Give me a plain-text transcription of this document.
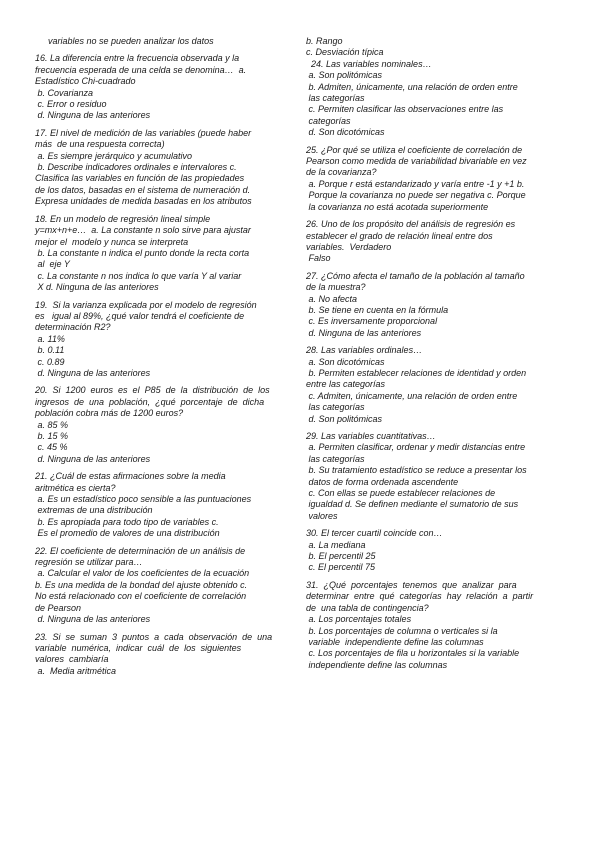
variables no se pueden analizar los datos
16. La diferencia entre la frecuencia observada y la
frecuencia esperada de una celda se denomina…  a.
Estadístico Chi-cuadrado
b. Covarianza
c. Error o residuo
d. Ninguna de las anteriores
17. El nivel de medición de las variables (puede haber
más  de una respuesta correcta)
a. Es siempre jerárquico y acumulativo
b. Describe indicadores ordinales e intervalores c.
Clasifica las variables en función de las propiedades
de los datos, basadas en el sistema de numeración d.
Expresa unidades de medida basadas en los atributos
18. En un modelo de regresión lineal simple
y=mx+n+e…  a. La constante n solo sirve para ajustar
mejor el  modelo y nunca se interpreta
b. La constante n indica el punto donde la recta corta
al  eje Y
c. La constante n nos indica lo que varía Y al variar
X d. Ninguna de las anteriores
19.  Si la varianza explicada por el modelo de regresión
es   igual al 89%, ¿qué valor tendrá el coeficiente de
determinación R2?
a. 11%
b. 0.11
c. 0.89
d. Ninguna de las anteriores
20.  Si  1200  euros  es  el  P85  de  la  distribución  de  los
ingresos  de  una  población,  ¿qué  porcentaje  de  dicha
población cobra más de 1200 euros?
a. 85 %
b. 15 %
c. 45 %
d. Ninguna de las anteriores
21. ¿Cuál de estas afirmaciones sobre la media
aritmética es cierta?
a. Es un estadístico poco sensible a las puntuaciones
extremas de una distribución
b. Es apropiada para todo tipo de variables c.
Es el promedio de valores de una distribución
22. El coeficiente de determinación de un análisis de
regresión se utilizar para…
a. Calcular el valor de los coeficientes de la ecuación
b. Es una medida de la bondad del ajuste obtenido c.
No está relacionado con el coeficiente de correlación
de Pearson
d. Ninguna de las anteriores
23.  Si  se  suman  3  puntos  a  cada  observación  de  una
variable  numérica,  indicar  cuál  de  los  siguientes
valores  cambiaría
a.  Media aritmética
b. Rango
c. Desviación típica
24. Las variables nominales…
a. Son politómicas
b. Admiten, únicamente, una relación de orden entre
las categorías
c. Permiten clasificar las observaciones entre las
categorías
d. Son dicotómicas
25. ¿Por qué se utiliza el coeficiente de correlación de
Pearson como medida de variabilidad bivariable en vez
de la covarianza?
a. Porque r está estandarizado y varía entre -1 y +1 b.
Porque la covarianza no puede ser negativa c. Porque
la covarianza no está acotada superiormente
26. Uno de los propósito del análisis de regresión es
establecer el grado de relación lineal entre dos
variables.  Verdadero
Falso
27. ¿Cómo afecta el tamaño de la población al tamaño
de la muestra?
a. No afecta
b. Se tiene en cuenta en la fórmula
c. Es inversamente proporcional
d. Ninguna de las anteriores
28. Las variables ordinales…
a. Son dicotómicas
b. Permiten establecer relaciones de identidad y orden
entre las categorías
c. Admiten, únicamente, una relación de orden entre
las categorías
d. Son politómicas
29. Las variables cuantitativas…
a. Permiten clasificar, ordenar y medir distancias entre
las categorías
b. Su tratamiento estadístico se reduce a presentar los
datos de forma ordenada ascendente
c. Con ellas se puede establecer relaciones de
igualdad d. Se definen mediante el sumatorio de sus
valores
30. El tercer cuartil coincide con…
a. La mediana
b. El percentil 25
c. El percentil 75
31.  ¿Qué  porcentajes  tenemos  que  analizar  para
determinar  entre  qué  categorías  hay  relación  a  partir
de  una tabla de contingencia?
a. Los porcentajes totales
b. Los porcentajes de columna o verticales si la
variable  independiente define las columnas
c. Los porcentajes de fila u horizontales si la variable
independiente define las columnas
